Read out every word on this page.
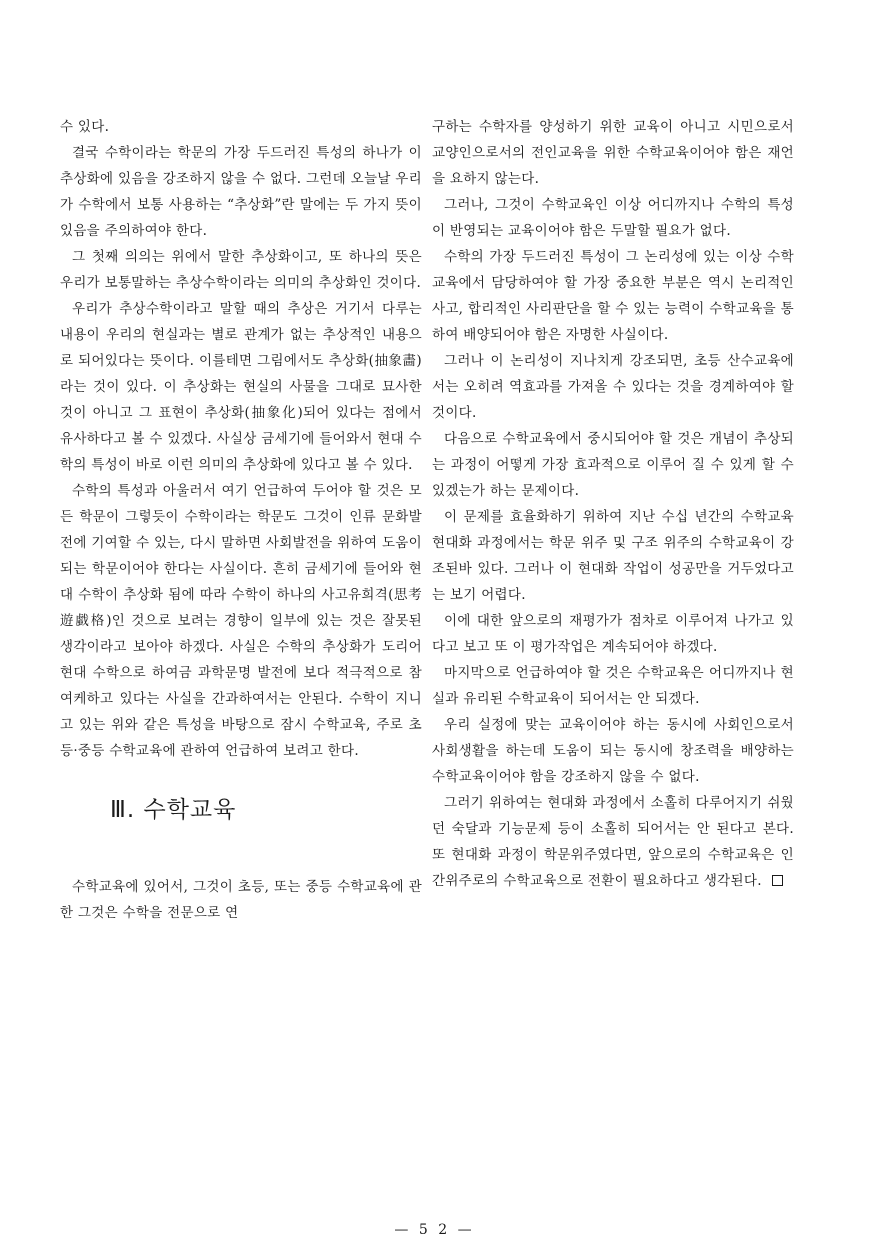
수 있다.

결국 수학이라는 학문의 가장 두드러진 특성의 하나가 이 추상화에 있음을 강조하지 않을 수 없다. 그런데 오늘날 우리가 수학에서 보통 사용하는 “추상화”란 말에는 두 가지 뜻이 있음을 주의하여야 한다.

그 첫째 의의는 위에서 말한 추상화이고, 또 하나의 뜻은 우리가 보통말하는 추상수학이라는 의미의 추상화인 것이다.

우리가 추상수학이라고 말할 때의 추상은 거기서 다루는 내용이 우리의 현실과는 별로 관계가 없는 추상적인 내용으로 되어있다는 뜻이다. 이를테면 그림에서도 추상화(抽象畵)라는 것이 있다. 이 추상화는 현실의 사물을 그대로 묘사한 것이 아니고 그 표현이 추상화(抽象化)되어 있다는 점에서 유사하다고 볼 수 있겠다. 사실상 금세기에 들어와서 현대 수학의 특성이 바로 이런 의미의 추상화에 있다고 볼 수 있다.

수학의 특성과 아울러서 여기 언급하여 두어야 할 것은 모든 학문이 그렇듯이 수학이라는 학문도 그것이 인류 문화발전에 기여할 수 있는, 다시 말하면 사회발전을 위하여 도움이 되는 학문이어야 한다는 사실이다. 흔히 금세기에 들어와 현대 수학이 추상화 됨에 따라 수학이 하나의 사고유희격(思考遊戱格)인 것으로 보려는 경향이 일부에 있는 것은 잘못된 생각이라고 보아야 하겠다. 사실은 수학의 추상화가 도리어 현대 수학으로 하여금 과학문명 발전에 보다 적극적으로 참여케하고 있다는 사실을 간과하여서는 안된다. 수학이 지니고 있는 위와 같은 특성을 바탕으로 잠시 수학교육, 주로 초등·중등 수학교육에 관하여 언급하여 보려고 한다.

Ⅲ. 수학교육

수학교육에 있어서, 그것이 초등, 또는 중등 수학교육에 관한 그것은 수학을 전문으로 연

구하는 수학자를 양성하기 위한 교육이 아니고 시민으로서 교양인으로서의 전인교육을 위한 수학교육이어야 함은 재언을 요하지 않는다.

그러나, 그것이 수학교육인 이상 어디까지나 수학의 특성이 반영되는 교육이어야 함은 두말할 필요가 없다.

수학의 가장 두드러진 특성이 그 논리성에 있는 이상 수학교육에서 담당하여야 할 가장 중요한 부분은 역시 논리적인 사고, 합리적인 사리판단을 할 수 있는 능력이 수학교육을 통하여 배양되어야 함은 자명한 사실이다.

그러나 이 논리성이 지나치게 강조되면, 초등 산수교육에서는 오히려 역효과를 가져올 수 있다는 것을 경계하여야 할 것이다.

다음으로 수학교육에서 중시되어야 할 것은 개념이 추상되는 과정이 어떻게 가장 효과적으로 이루어 질 수 있게 할 수 있겠는가 하는 문제이다.

이 문제를 효율화하기 위하여 지난 수십 년간의 수학교육 현대화 과정에서는 학문 위주 및 구조 위주의 수학교육이 강조된바 있다. 그러나 이 현대화 작업이 성공만을 거두었다고는 보기 어렵다.

이에 대한 앞으로의 재평가가 점차로 이루어져 나가고 있다고 보고 또 이 평가작업은 계속되어야 하겠다.

마지막으로 언급하여야 할 것은 수학교육은 어디까지나 현실과 유리된 수학교육이 되어서는 안 되겠다.

우리 실정에 맞는 교육이어야 하는 동시에 사회인으로서 사회생활을 하는데 도움이 되는 동시에 창조력을 배양하는 수학교육이어야 함을 강조하지 않을 수 없다.

그러기 위하여는 현대화 과정에서 소홀히 다루어지기 쉬웠던 숙달과 기능문제 등이 소홀히 되어서는 안 된다고 본다. 또 현대화 과정이 학문위주였다면, 앞으로의 수학교육은 인간위주로의 수학교육으로 전환이 필요하다고 생각된다.

— 5 2 —
